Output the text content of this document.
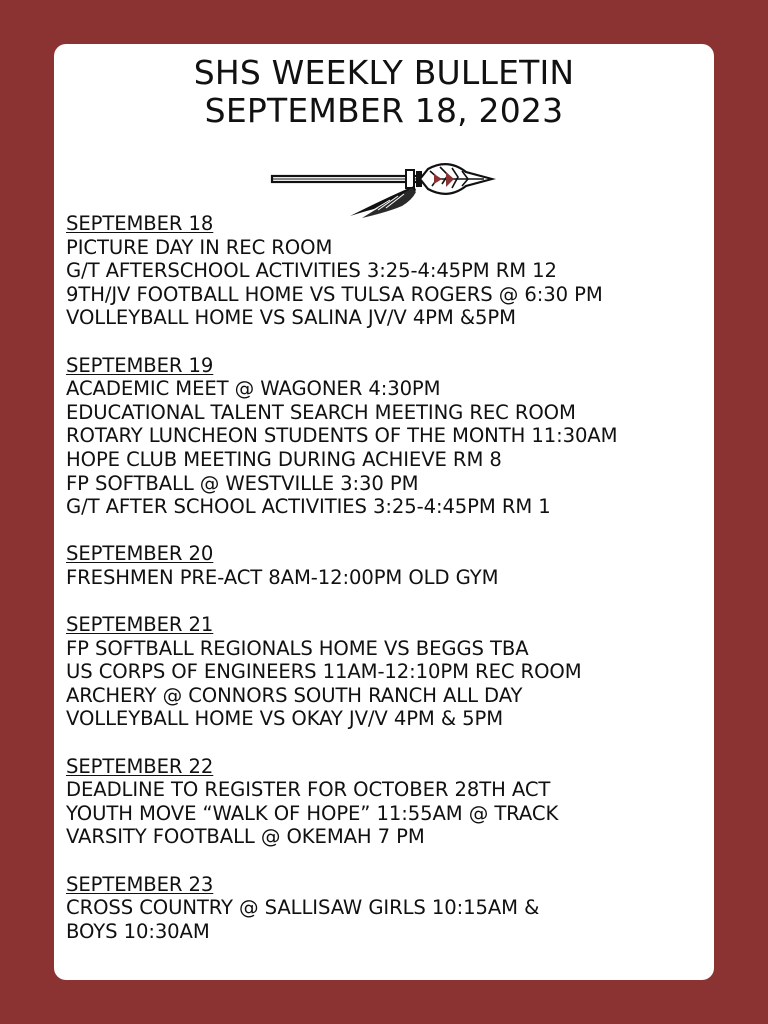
SHS WEEKLY BULLETIN
SEPTEMBER 18, 2023
SEPTEMBER 18
PICTURE DAY IN REC ROOM
G/T AFTERSCHOOL ACTIVITIES 3:25-4:45PM RM 12
9TH/JV FOOTBALL HOME VS TULSA ROGERS @ 6:30 PM
VOLLEYBALL HOME VS SALINA JV/V 4PM &5PM
SEPTEMBER 19
ACADEMIC MEET @ WAGONER 4:30PM
EDUCATIONAL TALENT SEARCH MEETING REC ROOM
ROTARY LUNCHEON STUDENTS OF THE MONTH 11:30AM
HOPE CLUB MEETING DURING ACHIEVE RM 8
FP SOFTBALL @ WESTVILLE 3:30 PM
G/T AFTER SCHOOL ACTIVITIES 3:25-4:45PM RM 1
SEPTEMBER 20
FRESHMEN PRE-ACT 8AM-12:00PM OLD GYM
SEPTEMBER 21
FP SOFTBALL REGIONALS HOME VS BEGGS TBA
US CORPS OF ENGINEERS 11AM-12:10PM REC ROOM
ARCHERY @ CONNORS SOUTH RANCH ALL DAY
VOLLEYBALL HOME VS OKAY JV/V 4PM & 5PM
SEPTEMBER 22
DEADLINE TO REGISTER FOR OCTOBER 28TH ACT
YOUTH MOVE “WALK OF HOPE” 11:55AM @ TRACK
VARSITY FOOTBALL @ OKEMAH 7 PM
SEPTEMBER 23
CROSS COUNTRY @ SALLISAW GIRLS 10:15AM &
BOYS 10:30AM
